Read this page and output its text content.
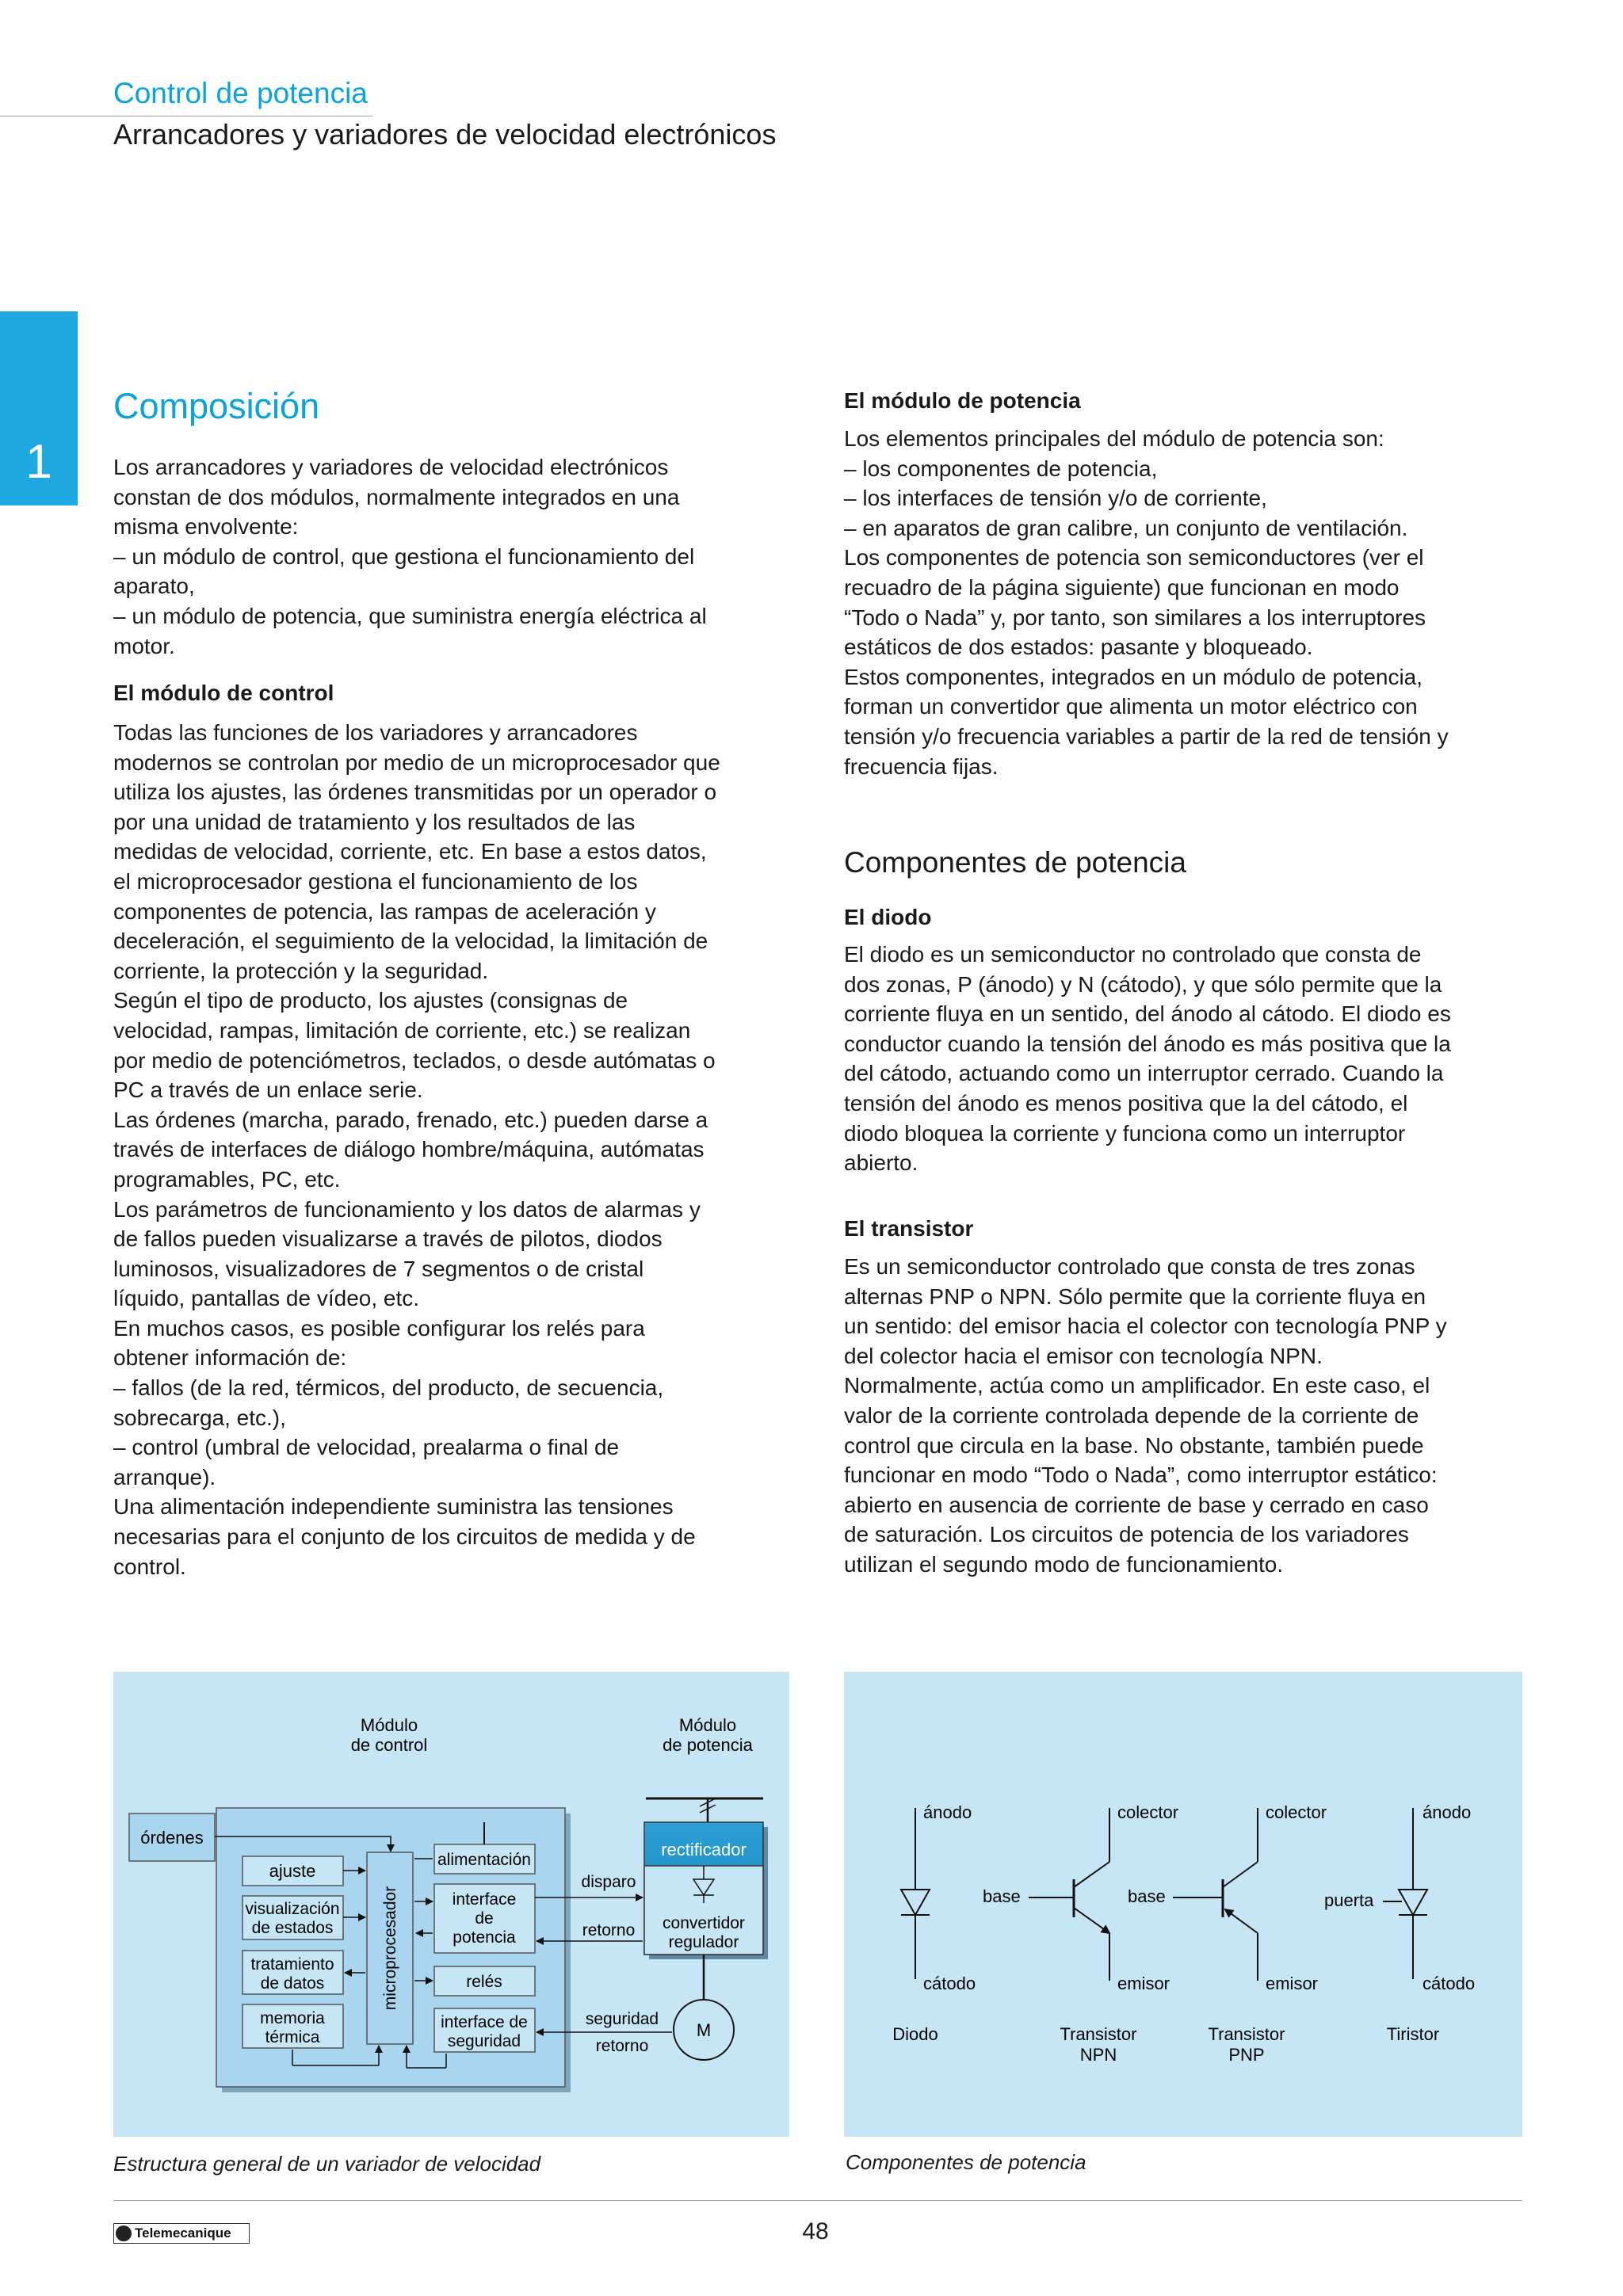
Control de potencia
Arrancadores y variadores de velocidad electrónicos
1
Composición
Los arrancadores y variadores de velocidad electrónicos
constan de dos módulos, normalmente integrados en una
misma envolvente:
– un módulo de control, que gestiona el funcionamiento del
aparato,
– un módulo de potencia, que suministra energía eléctrica al
motor.
El módulo de control
Todas las funciones de los variadores y arrancadores
modernos se controlan por medio de un microprocesador que
utiliza los ajustes, las órdenes transmitidas por un operador o
por una unidad de tratamiento y los resultados de las
medidas de velocidad, corriente, etc. En base a estos datos,
el microprocesador gestiona el funcionamiento de los
componentes de potencia, las rampas de aceleración y
deceleración, el seguimiento de la velocidad, la limitación de
corriente, la protección y la seguridad.
Según el tipo de producto, los ajustes (consignas de
velocidad, rampas, limitación de corriente, etc.) se realizan
por medio de potenciómetros, teclados, o desde autómatas o
PC a través de un enlace serie.
Las órdenes (marcha, parado, frenado, etc.) pueden darse a
través de interfaces de diálogo hombre/máquina, autómatas
programables, PC, etc.
Los parámetros de funcionamiento y los datos de alarmas y
de fallos pueden visualizarse a través de pilotos, diodos
luminosos, visualizadores de 7 segmentos o de cristal
líquido, pantallas de vídeo, etc.
En muchos casos, es posible configurar los relés para
obtener información de:
– fallos (de la red, térmicos, del producto, de secuencia,
sobrecarga, etc.),
– control (umbral de velocidad, prealarma o final de
arranque).
Una alimentación independiente suministra las tensiones
necesarias para el conjunto de los circuitos de medida y de
control.
El módulo de potencia
Los elementos principales del módulo de potencia son:
– los componentes de potencia,
– los interfaces de tensión y/o de corriente,
– en aparatos de gran calibre, un conjunto de ventilación.
Los componentes de potencia son semiconductores (ver el
recuadro de la página siguiente) que funcionan en modo
“Todo o Nada” y, por tanto, son similares a los interruptores
estáticos de dos estados: pasante y bloqueado.
Estos componentes, integrados en un módulo de potencia,
forman un convertidor que alimenta un motor eléctrico con
tensión y/o frecuencia variables a partir de la red de tensión y
frecuencia fijas.
Componentes de potencia
El diodo
El diodo es un semiconductor no controlado que consta de
dos zonas, P (ánodo) y N (cátodo), y que sólo permite que la
corriente fluya en un sentido, del ánodo al cátodo. El diodo es
conductor cuando la tensión del ánodo es más positiva que la
del cátodo, actuando como un interruptor cerrado. Cuando la
tensión del ánodo es menos positiva que la del cátodo, el
diodo bloquea la corriente y funciona como un interruptor
abierto.
El transistor
Es un semiconductor controlado que consta de tres zonas
alternas PNP o NPN. Sólo permite que la corriente fluya en
un sentido: del emisor hacia el colector con tecnología PNP y
del colector hacia el emisor con tecnología NPN.
Normalmente, actúa como un amplificador. En este caso, el
valor de la corriente controlada depende de la corriente de
control que circula en la base. No obstante, también puede
funcionar en modo “Todo o Nada”, como interruptor estático:
abierto en ausencia de corriente de base y cerrado en caso
de saturación. Los circuitos de potencia de los variadores
utilizan el segundo modo de funcionamiento.
Módulo
de control
Módulo
de potencia
órdenes
ajuste
visualización
de estados
tratamiento
de datos
memoria
térmica
microprocesador
alimentación
interface
de
potencia
relés
interface de
seguridad
disparo
retorno
rectificador
convertidor
regulador
M
seguridad
retorno
Estructura general de un variador de velocidad
ánodo
cátodo
Diodo
colector
base
emisor
Transistor
NPN
colector
base
emisor
Transistor
PNP
ánodo
puerta
cátodo
Tiristor
Componentes de potencia
Telemecanique	48
